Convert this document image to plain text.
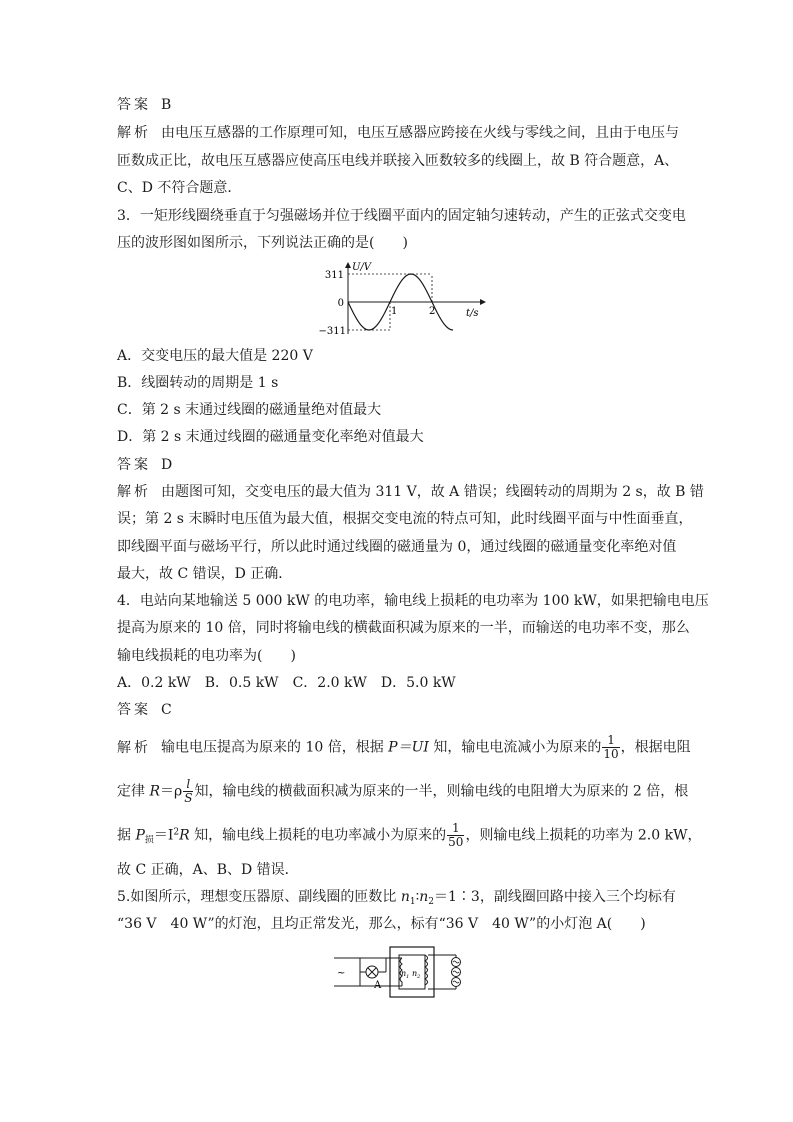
答案 B
解析 由电压互感器的工作原理可知，电压互感器应跨接在火线与零线之间，且由于电压与
匝数成正比，故电压互感器应使高压电线并联接入匝数较多的线圈上，故 B 符合题意，A、
C、D 不符合题意．
3．一矩形线圈绕垂直于匀强磁场并位于线圈平面内的固定轴匀速转动，产生的正弦式交变电
压的波形图如图所示，下列说法正确的是(　　)
U/V
t/s
311
0
−311
1	2
A．交变电压的最大值是 220 V
B．线圈转动的周期是 1 s
C．第 2 s 末通过线圈的磁通量绝对值最大
D．第 2 s 末通过线圈的磁通量变化率绝对值最大
答案 D
解析 由题图可知，交变电压的最大值为 311 V，故 A 错误；线圈转动的周期为 2 s，故 B 错
误；第 2 s 末瞬时电压值为最大值，根据交变电流的特点可知，此时线圈平面与中性面垂直，
即线圈平面与磁场平行，所以此时通过线圈的磁通量为 0，通过线圈的磁通量变化率绝对值
最大，故 C 错误，D 正确．
4．电站向某地输送 5 000 kW 的电功率，输电线上损耗的电功率为 100 kW，如果把输电电压
提高为原来的 10 倍，同时将输电线的横截面积减为原来的一半，而输送的电功率不变，那么
输电线损耗的电功率为(　　)
A．0.2 kW　B．0.5 kW　C．2.0 kW　D．5.0 kW
答案 C
解析 输电电压提高为原来的 10 倍，根据 P＝UI 知，输电电流减小为原来的 $\frac{1}{10}$ ，根据电阻
定律 $R=\rho \frac{l}{S}$ 知，输电线的横截面积减为原来的一半，则输电线的电阻增大为原来的 2 倍，根
据 $P_损=I^2R$ 知，输电线上损耗的电功率减小为原来的 $\frac{1}{50}$ ，则输电线上损耗的功率为 2.0 kW，
故 C 正确，A、B、D 错误．
5.如图所示，理想变压器原、副线圈的匝数比 $n_1∶n_2=1∶3$，副线圈回路中接入三个均标有
“36 V　40 W”的灯泡，且均正常发光，那么，标有“36 V　40 W”的小灯泡 A(　　)
~
A
$n_1$ $n_2$
